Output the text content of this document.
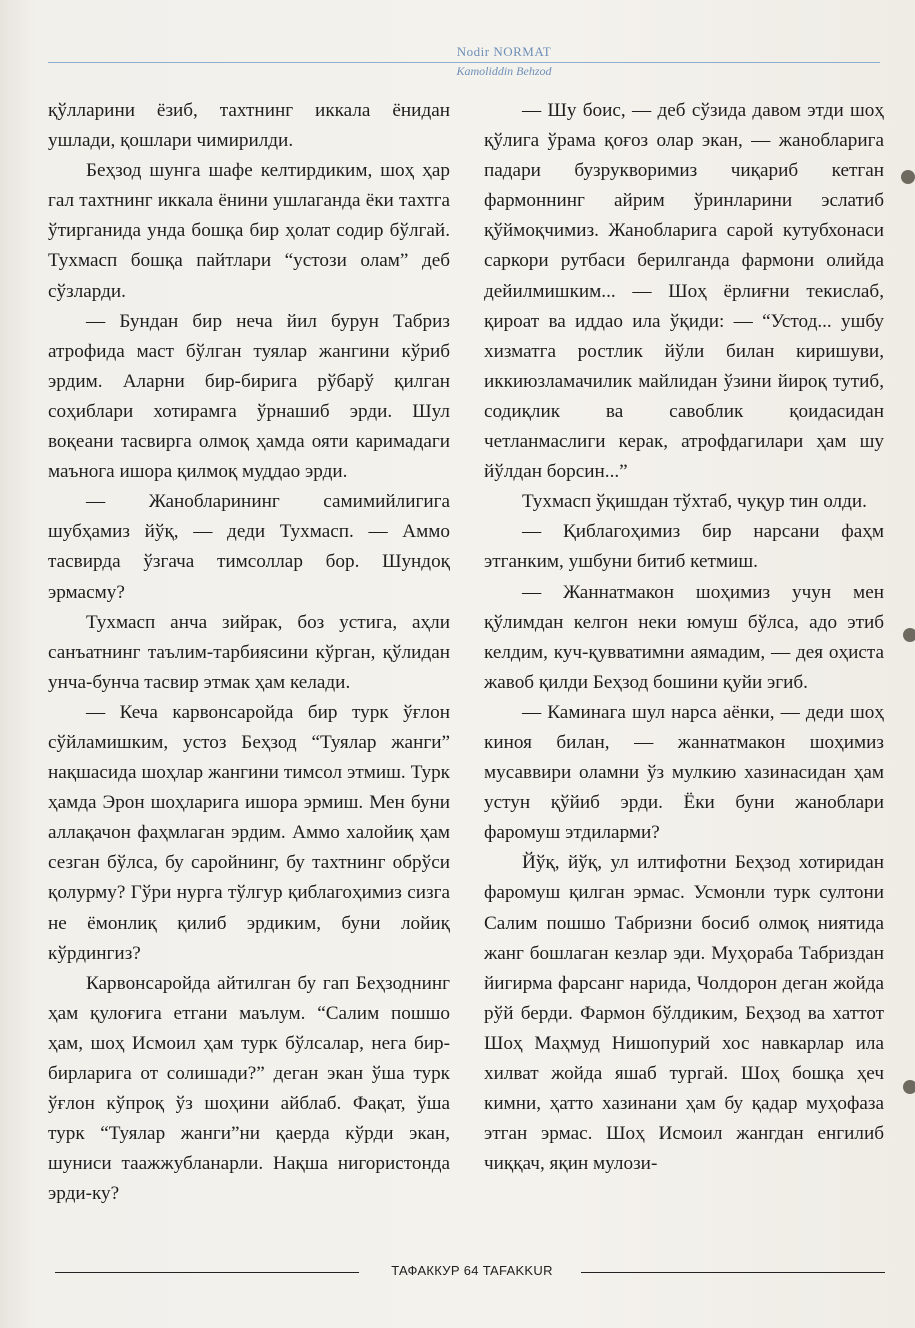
Nodir NORMAT
Kamoliddin Behzod

қўлларини ёзиб, тахтнинг иккала ёнидан ушлади, қошлари чимирилди.

Беҳзод шунга шафе келтирдиким, шоҳ ҳар гал тахтнинг иккала ёнини ушлаганда ёки тахтга ўтирганида унда бошқа бир ҳолат содир бўлгай. Тухмасп бошқа пайтлари “устози олам” деб сўзларди.

— Бундан бир неча йил бурун Табриз атрофида маст бўлган туялар жангини кўриб эрдим. Аларни бир-бирига рўбарў қилган соҳиблари хотирамга ўрнашиб эрди. Шул воқеани тасвирга олмоқ ҳамда ояти каримадаги маънога ишора қилмоқ муддао эрди.

— Жанобларининг самимийлигига шубҳамиз йўқ, — деди Тухмасп. — Аммо тасвирда ўзгача тимсоллар бор. Шундоқ эрмасму?

Тухмасп анча зийрак, боз устига, аҳли санъатнинг таълим-тарбиясини кўрган, қўлидан унча-бунча тасвир этмак ҳам келади.

— Кеча карвонсаройда бир турк ўғлон сўйламишким, устоз Беҳзод “Туялар жанги” нақшасида шоҳлар жангини тимсол этмиш. Турк ҳамда Эрон шоҳларига ишора эрмиш. Мен буни аллақачон фаҳмлаган эрдим. Аммо халойиқ ҳам сезган бўлса, бу саройнинг, бу тахтнинг обрўси қолурму? Гўри нурга тўлгур қиблагоҳимиз сизга не ёмонлиқ қилиб эрдиким, буни лойиқ кўрдингиз?

Карвонсаройда айтилган бу гап Беҳзоднинг ҳам қулоғига етгани маълум. “Салим пошшо ҳам, шоҳ Исмоил ҳам турк бўлсалар, нега бир-бирларига от солишади?” деган экан ўша турк ўғлон кўпроқ ўз шоҳини айблаб. Фақат, ўша турк “Туялар жанги”ни қаерда кўрди экан, шуниси таажжубланарли. Нақша нигористонда эрди-ку?

— Шу боис, — деб сўзида давом этди шоҳ қўлига ўрама қоғоз олар экан, — жанобларига падари бузрукворимиз чиқариб кетган фармоннинг айрим ўринларини эслатиб қўймоқчимиз. Жанобларига сарой кутубхонаси саркори рутбаси берилганда фармони олийда дейилмишким... — Шоҳ ёрлиғни текислаб, қироат ва иддао ила ўқиди: — “Устод... ушбу хизматга ростлик йўли билан киришуви, иккиюзламачилик майлидан ўзини йироқ тутиб, содиқлик ва савоблик қоидасидан четланмаслиги керак, атрофдагилари ҳам шу йўлдан борсин...”

Тухмасп ўқишдан тўхтаб, чуқур тин олди.

— Қиблагоҳимиз бир нарсани фаҳм этганким, ушбуни битиб кетмиш.

— Жаннатмакон шоҳимиз учун мен қўлимдан келгон неки юмуш бўлса, адо этиб келдим, куч-қувватимни аямадим, — дея оҳиста жавоб қилди Беҳзод бошини қуйи эгиб.

— Каминага шул нарса аёнки, — деди шоҳ киноя билан, — жаннатмакон шоҳимиз мусаввири оламни ўз мулкию хазинасидан ҳам устун қўйиб эрди. Ёки буни жаноблари фаромуш этдиларми?

Йўқ, йўқ, ул илтифотни Беҳзод хотиридан фаромуш қилган эрмас. Усмонли турк султони Салим пошшо Табризни босиб олмоқ ниятида жанг бошлаган кезлар эди. Муҳораба Табриздан йигирма фарсанг нарида, Чолдорон деган жойда рўй берди. Фармон бўлдиким, Беҳзод ва хаттот Шоҳ Маҳмуд Нишопурий хос навкарлар ила хилват жойда яшаб тургай. Шоҳ бошқа ҳеч кимни, ҳатто хазинани ҳам бу қадар муҳофаза этган эрмас. Шоҳ Исмоил жангдан енгилиб чиққач, яқин мулози-

ТАФАККУР 64 TAFAKKUR
